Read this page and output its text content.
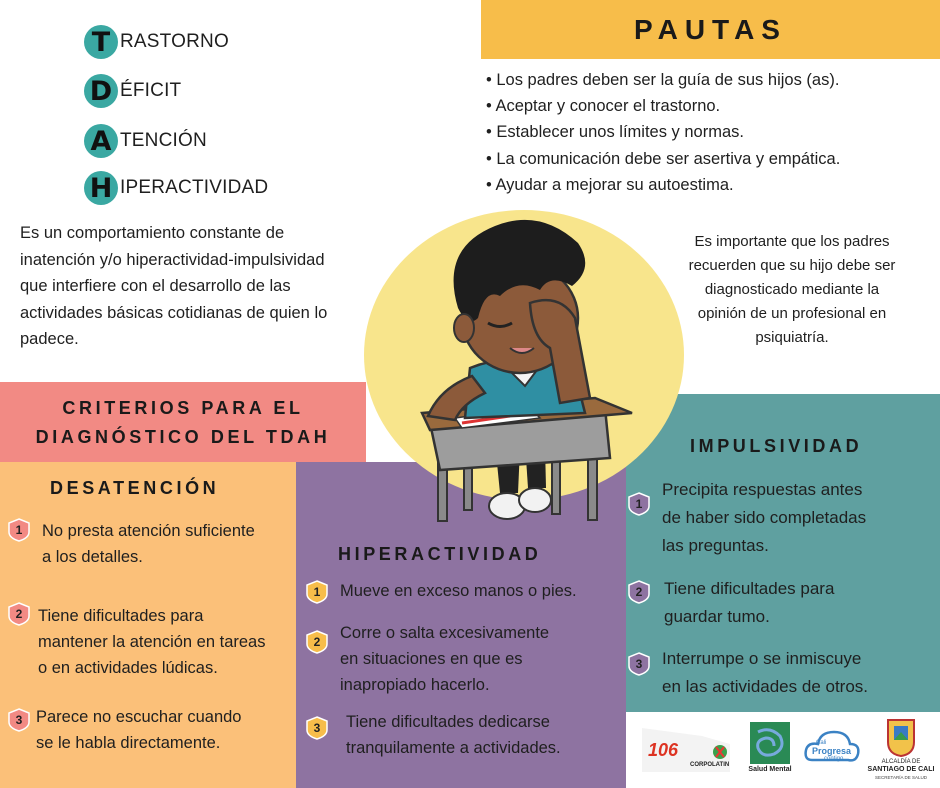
T RASTORNO
D ÉFICIT
A TENCIÓN
H IPERACTIVIDAD
Es un comportamiento constante de
inatención y/o hiperactividad-impulsividad
que interfiere con el desarrollo de las
actividades básicas cotidianas de quien lo
padece.
PAUTAS
• Los padres deben ser la guía de sus hijos (as).
• Aceptar y conocer el trastorno.
• Establecer unos límites y normas.
• La comunicación debe ser asertiva y empática.
• Ayudar a mejorar su autoestima.
Es importante que los padres
recuerden que su hijo debe ser
diagnosticado mediante la
opinión de un profesional en
psiquiatría.
CRITERIOS PARA EL
DIAGNÓSTICO DEL TDAH
DESATENCIÓN
1 No presta atención suficiente
a los detalles.
2 Tiene dificultades para
mantener la atención en tareas
o en actividades lúdicas.
3 Parece no escuchar cuando
se le habla directamente.
HIPERACTIVIDAD
1 Mueve en exceso manos o pies.
2 Corre o salta excesivamente
en situaciones en que es
inapropiado hacerlo.
3 Tiene dificultades dedicarse
tranquilamente a actividades.
IMPULSIVIDAD
1
Precipita respuestas antes
de haber sido completadas
las preguntas.
2 Tiene dificultades para
guardar tumo.
3 Interrumpe o se inmiscuye
en las actividades de otros.
106
CORPOLATIN
Salud Mental
Cali
Progresa
contigo	ALCALDÍA DE
SANTIAGO DE CALI
SECRETARÍA DE SALUD
